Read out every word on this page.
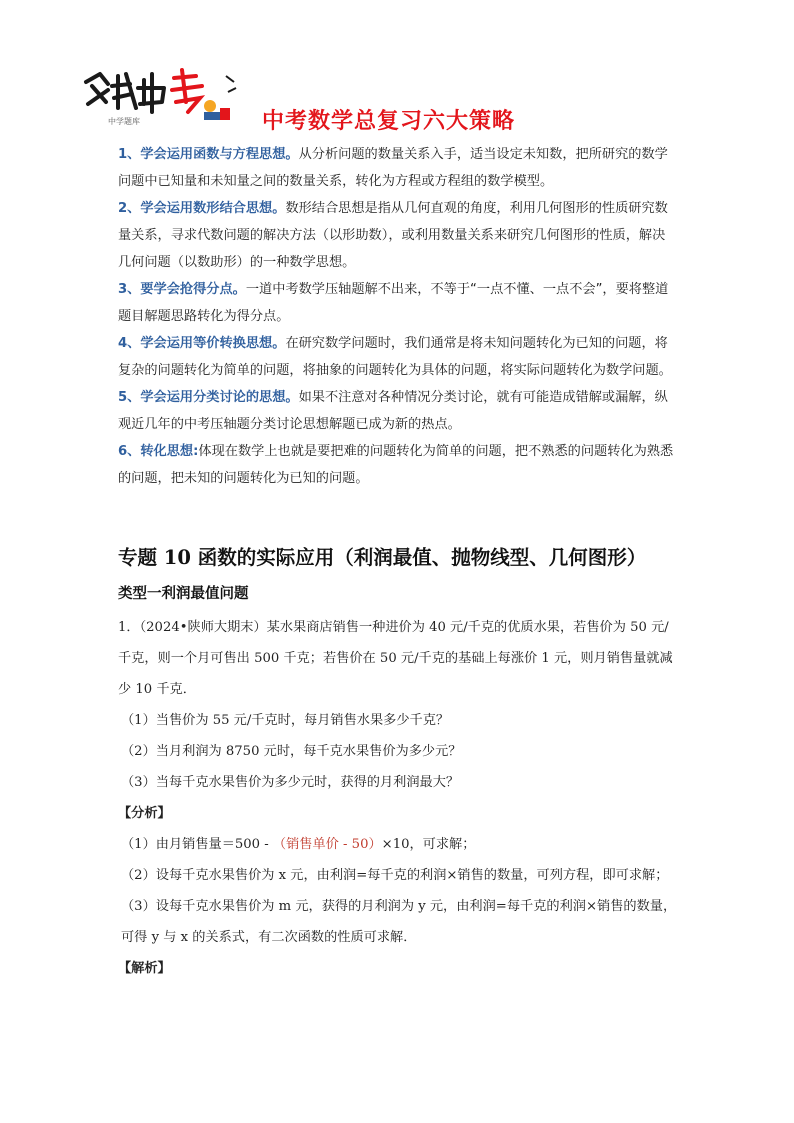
中学题库	中考数学总复习六大策略

1、学会运用函数与方程思想。从分析问题的数量关系入手，适当设定未知数，把所研究的数学问题中已知量和未知量之间的数量关系，转化为方程或方程组的数学模型。

2、学会运用数形结合思想。数形结合思想是指从几何直观的角度，利用几何图形的性质研究数量关系，寻求代数问题的解决方法（以形助数），或利用数量关系来研究几何图形的性质，解决几何问题（以数助形）的一种数学思想。

3、要学会抢得分点。一道中考数学压轴题解不出来，不等于“一点不懂、一点不会”，要将整道题目解题思路转化为得分点。

4、学会运用等价转换思想。在研究数学问题时，我们通常是将未知问题转化为已知的问题，将复杂的问题转化为简单的问题，将抽象的问题转化为具体的问题，将实际问题转化为数学问题。

5、学会运用分类讨论的思想。如果不注意对各种情况分类讨论，就有可能造成错解或漏解，纵观近几年的中考压轴题分类讨论思想解题已成为新的热点。

6、转化思想:体现在数学上也就是要把难的问题转化为简单的问题，把不熟悉的问题转化为熟悉的问题，把未知的问题转化为已知的问题。

专题 10 函数的实际应用（利润最值、抛物线型、几何图形）
类型一利润最值问题

1．（2024•陕师大期末）某水果商店销售一种进价为 40 元/千克的优质水果，若售价为 50 元/千克，则一个月可售出 500 千克；若售价在 50 元/千克的基础上每涨价 1 元，则月销售量就减少 10 千克．

（1）当售价为 55 元/千克时，每月销售水果多少千克？

（2）当月利润为 8750 元时，每千克水果售价为多少元？

（3）当每千克水果售价为多少元时，获得的月利润最大？

【分析】

（1）由月销售量＝500 - （销售单价 - 50）×10，可求解；

（2）设每千克水果售价为 x 元，由利润=每千克的利润×销售的数量，可列方程，即可求解；

（3）设每千克水果售价为 m 元，获得的月利润为 y 元，由利润=每千克的利润×销售的数量，可得 y 与 x 的关系式，有二次函数的性质可求解．

【解析】
